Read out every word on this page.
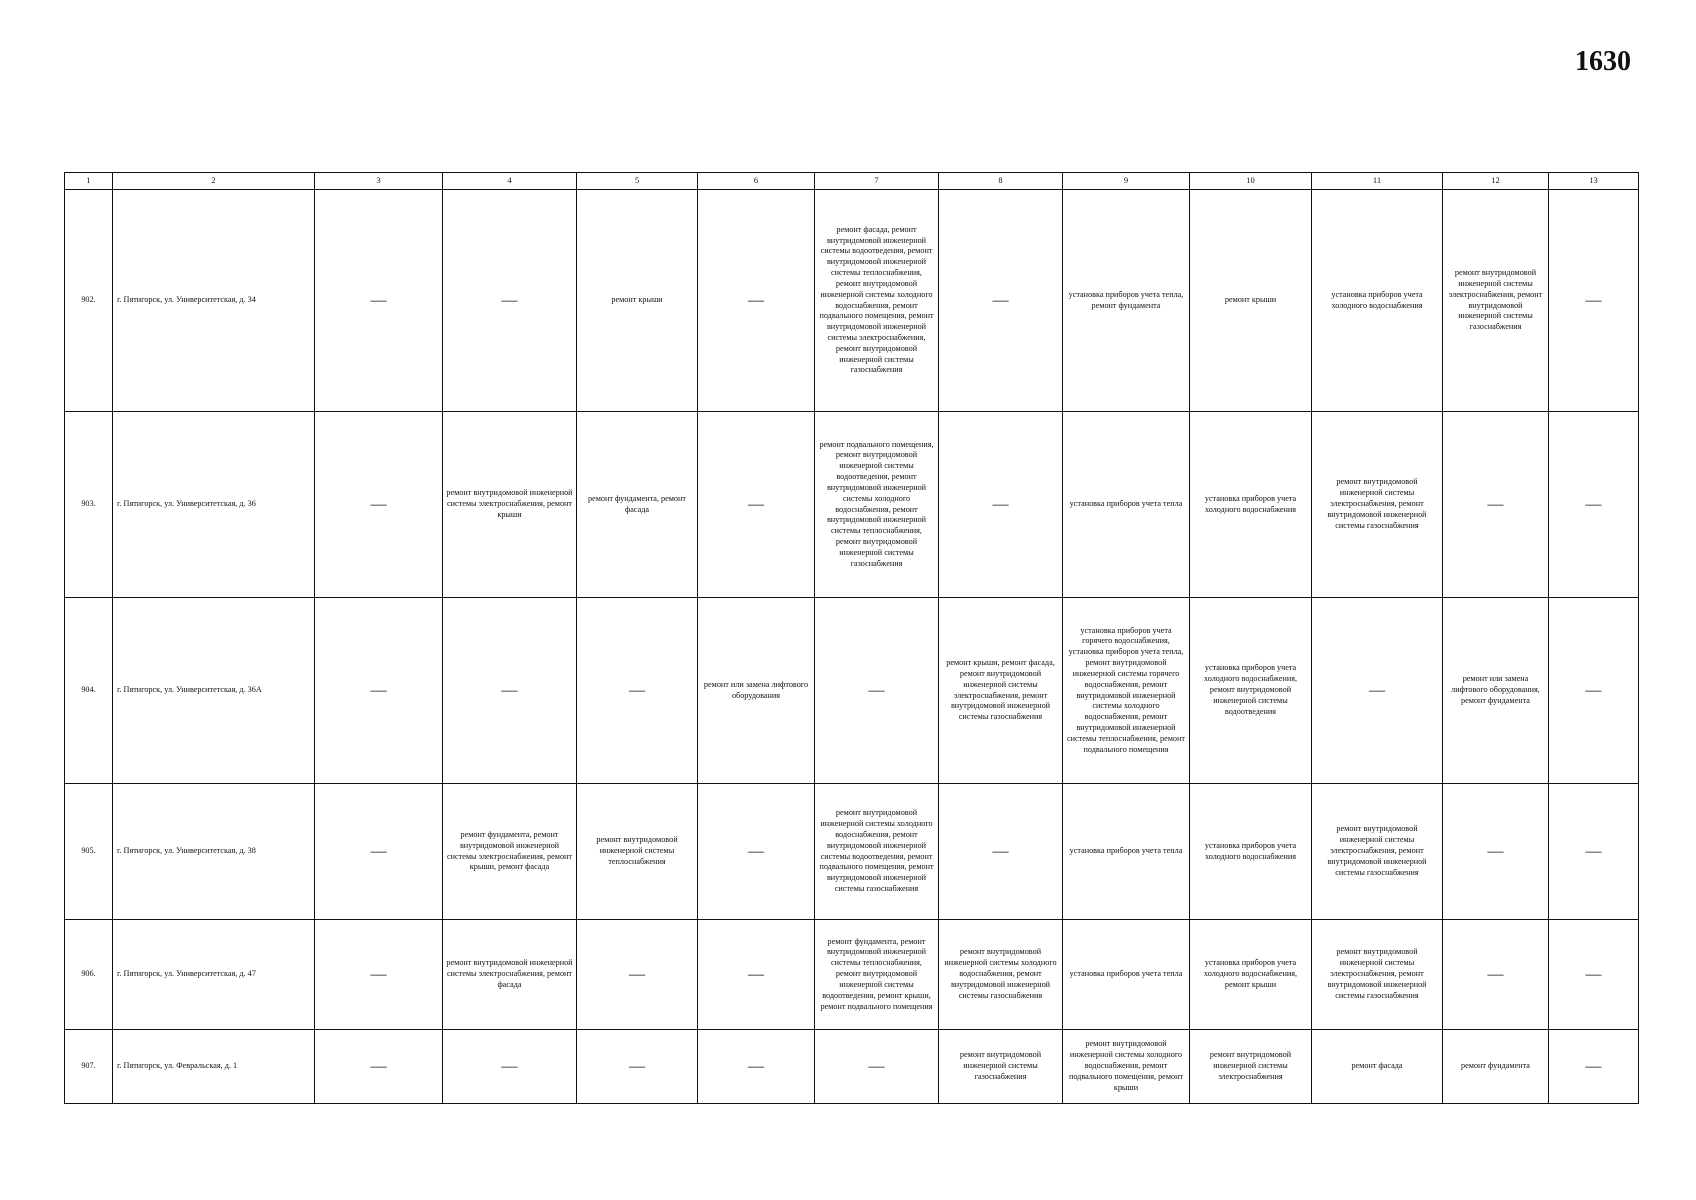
1630
1	2	3	4	5	6	7	8	9	10	11	12	13
902.	г. Пятигорск, ул. Университетская, д. 34	—	—	ремонт крыши	—	ремонт фасада, ремонт внутридомовой инженерной системы водоотведения, ремонт внутридомовой инженерной системы теплоснабжения, ремонт внутридомовой инженерной системы холодного водоснабжения, ремонт подвального помещения, ремонт внутридомовой инженерной системы электроснабжения, ремонт внутридомовой инженерной системы газоснабжения	—	установка приборов учета тепла, ремонт фундамента	ремонт крыши	установка приборов учета холодного водоснабжения	ремонт внутридомовой инженерной системы электроснабжения, ремонт внутридомовой инженерной системы газоснабжения	—
903.	г. Пятигорск, ул. Университетская, д. 36	—	ремонт внутридомовой инженерной системы электроснабжения, ремонт крыши	ремонт фундамента, ремонт фасада	—	ремонт подвального помещения, ремонт внутридомовой инженерной системы водоотведения, ремонт внутридомовой инженерной системы холодного водоснабжения, ремонт внутридомовой инженерной системы теплоснабжения, ремонт внутридомовой инженерной системы газоснабжения	—	установка приборов учета тепла	установка приборов учета холодного водоснабжения	ремонт внутридомовой инженерной системы электроснабжения, ремонт внутридомовой инженерной системы газоснабжения	—	—
904.	г. Пятигорск, ул. Университетская, д. 36А	—	—	—	ремонт или замена лифтового оборудования	—	ремонт крыши, ремонт фасада, ремонт внутридомовой инженерной системы электроснабжения, ремонт внутридомовой инженерной системы газоснабжения	установка приборов учета горячего водоснабжения, установка приборов учета тепла, ремонт внутридомовой инженерной системы горячего водоснабжения, ремонт внутридомовой инженерной системы холодного водоснабжения, ремонт внутридомовой инженерной системы теплоснабжения, ремонт подвального помещения	установка приборов учета холодного водоснабжения, ремонт внутридомовой инженерной системы водоотведения	—	ремонт или замена лифтового оборудования, ремонт фундамента	—
905.	г. Пятигорск, ул. Университетская, д. 38	—	ремонт фундамента, ремонт внутридомовой инженерной системы электроснабжения, ремонт крыши, ремонт фасада	ремонт внутридомовой инженерной системы теплоснабжения	—	ремонт внутридомовой инженерной системы холодного водоснабжения, ремонт внутридомовой инженерной системы водоотведения, ремонт подвального помещения, ремонт внутридомовой инженерной системы газоснабжения	—	установка приборов учета тепла	установка приборов учета холодного водоснабжения	ремонт внутридомовой инженерной системы электроснабжения, ремонт внутридомовой инженерной системы газоснабжения	—	—
906.	г. Пятигорск, ул. Университетская, д. 47	—	ремонт внутридомовой инженерной системы электроснабжения, ремонт фасада	—	—	ремонт фундамента, ремонт внутридомовой инженерной системы теплоснабжения, ремонт внутридомовой инженерной системы водоотведения, ремонт крыши, ремонт подвального помещения	ремонт внутридомовой инженерной системы холодного водоснабжения, ремонт внутридомовой инженерной системы газоснабжения	установка приборов учета тепла	установка приборов учета холодного водоснабжения, ремонт крыши	ремонт внутридомовой инженерной системы электроснабжения, ремонт внутридомовой инженерной системы газоснабжения	—	—
907.	г. Пятигорск, ул. Февральская, д. 1	—	—	—	—	—	ремонт внутридомовой инженерной системы газоснабжения	ремонт внутридомовой инженерной системы холодного водоснабжения, ремонт подвального помещения, ремонт крыши	ремонт внутридомовой инженерной системы электроснабжения	ремонт фасада	ремонт фундамента	—
